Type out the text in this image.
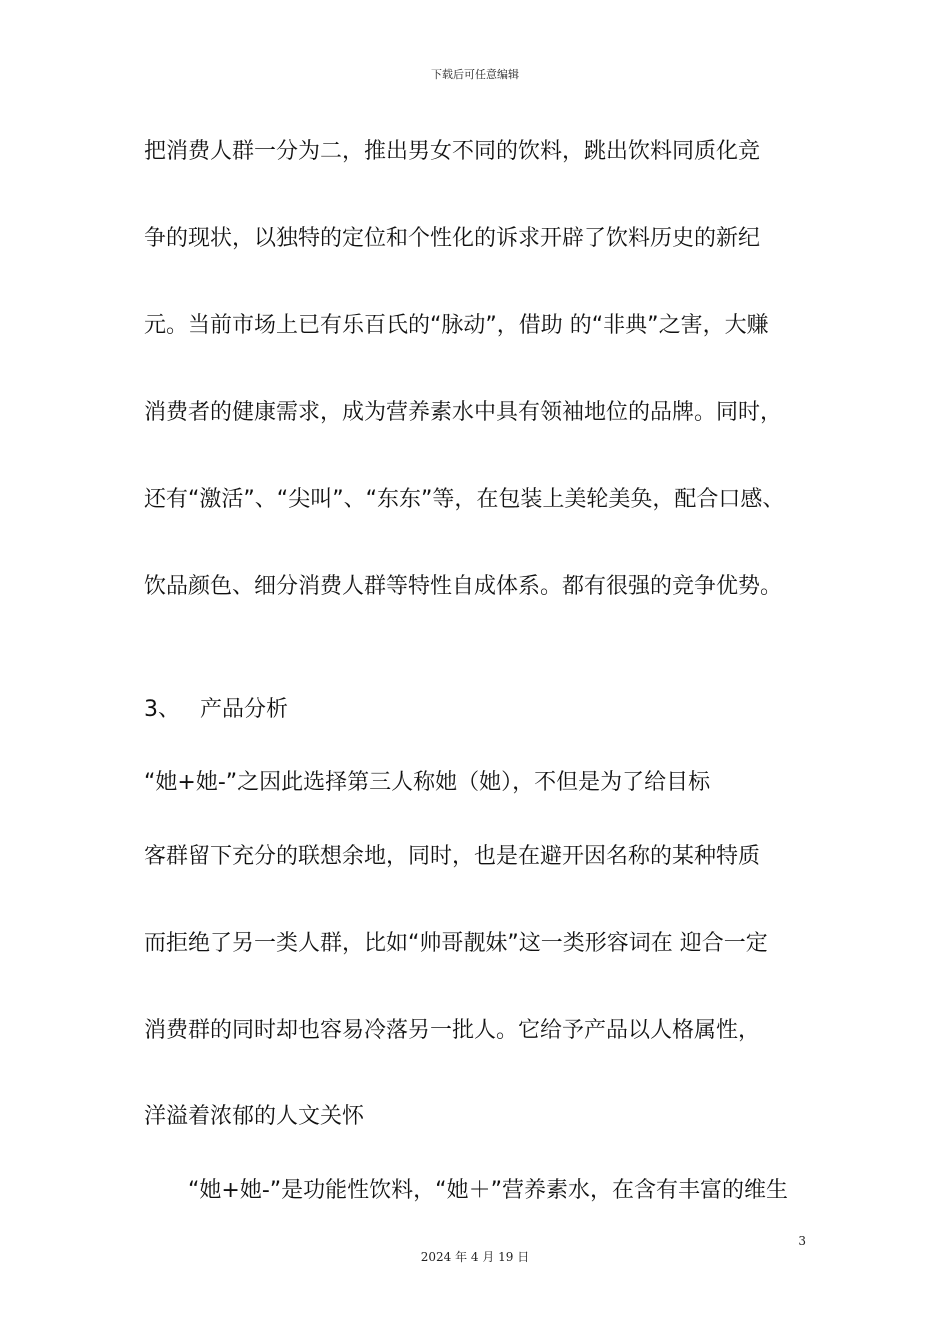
下载后可任意编辑
把消费人群一分为二，推出男女不同的饮料，跳出饮料同质化竞
争的现状，以独特的定位和个性化的诉求开辟了饮料历史的新纪
元。当前市场上已有乐百氏的“脉动”，借助 的“非典”之害，大赚
消费者的健康需求，成为营养素水中具有领袖地位的品牌。同时，
还有“激活”、“尖叫”、“东东”等，在包装上美轮美奂，配合口感、
饮品颜色、细分消费人群等特性自成体系。都有很强的竞争优势。
3、 产品分析
“她+她-”之因此选择第三人称她（她），不但是为了给目标
客群留下充分的联想余地，同时，也是在避开因名称的某种特质
而拒绝了另一类人群，比如“帅哥靓妹”这一类形容词在 迎合一定
消费群的同时却也容易冷落另一批人。它给予产品以人格属性，
洋溢着浓郁的人文关怀
“她+她-”是功能性饮料，“她＋”营养素水，在含有丰富的维生
3
2024 年 4 月 19 日
